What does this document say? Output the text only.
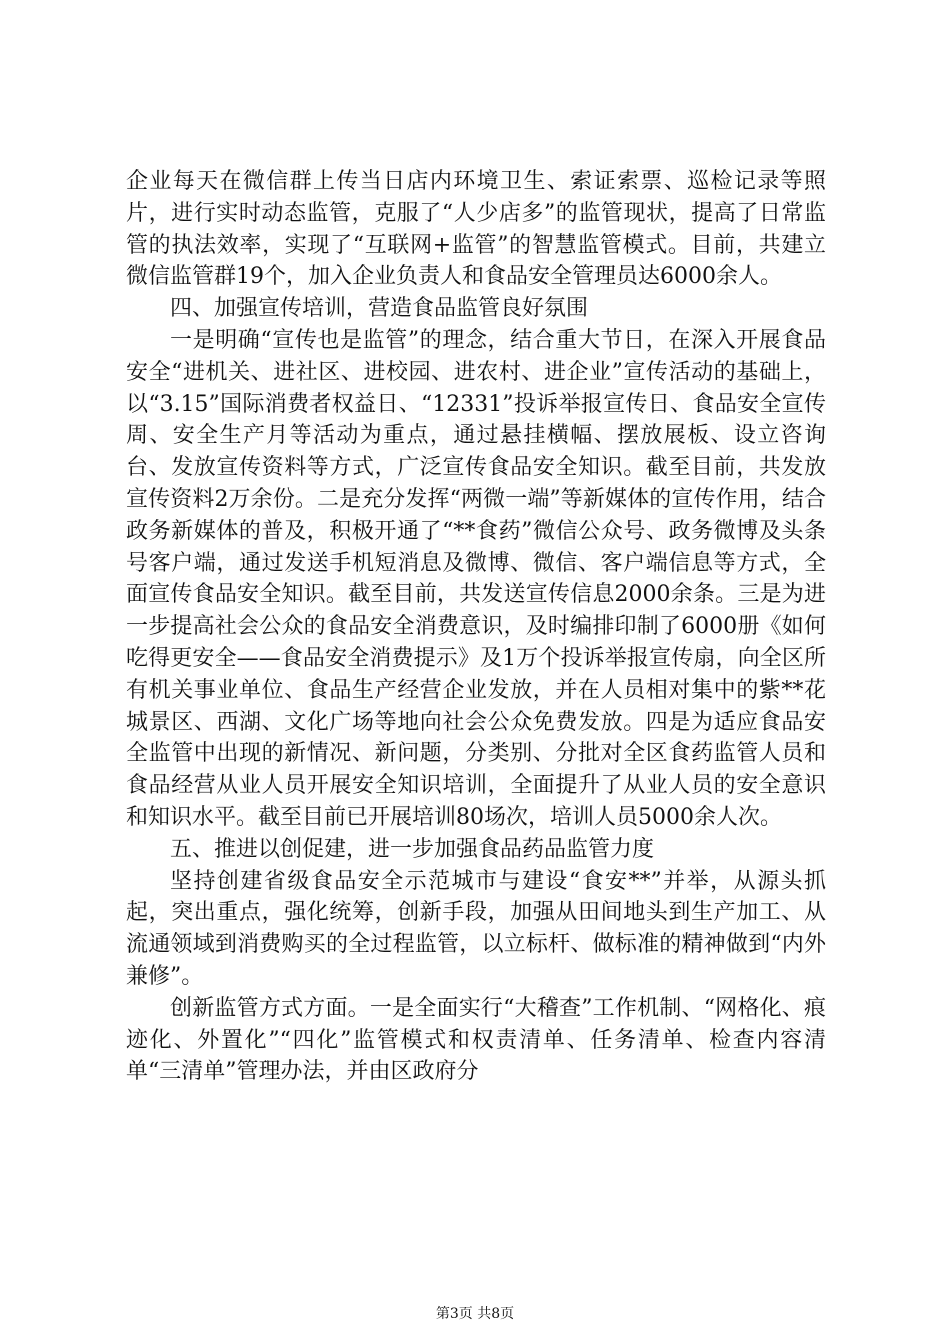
企业每天在微信群上传当日店内环境卫生、索证索票、巡检记录等照片，进行实时动态监管，克服了“人少店多”的监管现状，提高了日常监管的执法效率，实现了“互联网+监管”的智慧监管模式。目前，共建立微信监管群19个，加入企业负责人和食品安全管理员达6000余人。

四、加强宣传培训，营造食品监管良好氛围

一是明确“宣传也是监管”的理念，结合重大节日，在深入开展食品安全“进机关、进社区、进校园、进农村、进企业”宣传活动的基础上，以“3.15”国际消费者权益日、“12331”投诉举报宣传日、食品安全宣传周、安全生产月等活动为重点，通过悬挂横幅、摆放展板、设立咨询台、发放宣传资料等方式，广泛宣传食品安全知识。截至目前，共发放宣传资料2万余份。二是充分发挥“两微一端”等新媒体的宣传作用，结合政务新媒体的普及，积极开通了“**食药”微信公众号、政务微博及头条号客户端，通过发送手机短消息及微博、微信、客户端信息等方式，全面宣传食品安全知识。截至目前，共发送宣传信息2000余条。三是为进一步提高社会公众的食品安全消费意识，及时编排印制了6000册《如何吃得更安全——食品安全消费提示》及1万个投诉举报宣传扇，向全区所有机关事业单位、食品生产经营企业发放，并在人员相对集中的紫**花城景区、西湖、文化广场等地向社会公众免费发放。四是为适应食品安全监管中出现的新情况、新问题，分类别、分批对全区食药监管人员和食品经营从业人员开展安全知识培训，全面提升了从业人员的安全意识和知识水平。截至目前已开展培训80场次，培训人员5000余人次。

五、推进以创促建，进一步加强食品药品监管力度

坚持创建省级食品安全示范城市与建设“食安**”并举，从源头抓起，突出重点，强化统筹，创新手段，加强从田间地头到生产加工、从流通领域到消费购买的全过程监管，以立标杆、做标准的精神做到“内外兼修”。

创新监管方式方面。一是全面实行“大稽查”工作机制、“网格化、痕迹化、外置化”“四化”监管模式和权责清单、任务清单、检查内容清单“三清单”管理办法，并由区政府分

第3页 共8页
